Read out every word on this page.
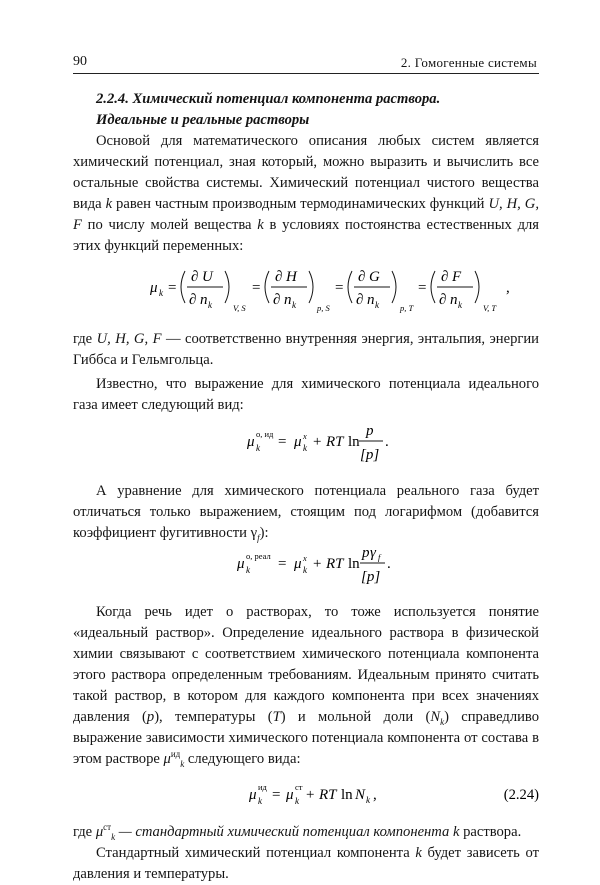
90	2. Гомогенные системы

2.2.4. Химический потенциал компонента раствора.

Идеальные и реальные растворы

Основой для математического описания любых систем является химический потенциал, зная который, можно выразить и вычислить все остальные свойства системы. Химический потенциал чистого вещества вида k равен частным производным термодинамических функций U, H, G, F по числу молей вещества k в условиях постоянства естественных для этих функций переменных:

μ k =
∂ U
∂ n k V, S
=
∂ H
∂ n k p, S
=
∂ G
∂ n k p, T
=
∂ F
∂ n k V, T
,

где U, H, G, F — соответственно внутренняя энергия, энтальпия, энергии Гиббса и Гельмгольца.

Известно, что выражение для химического потенциала идеального газа имеет следующий вид:

μ о, ид
k = μ x
k + RT ln
p
[p]
.

А уравнение для химического потенциала реального газа будет отличаться только выражением, стоящим под логарифмом (добавится коэффициент фугитивности $\gamma_f$):

μ о, реал
k = μ x
k + RT ln
p γ f
[p]
.

Когда речь идет о растворах, то тоже используется понятие «идеальный раствор». Определение идеального раствора в физической химии связывают с соответствием химического потенциала компонента этого раствора определенным требованиям. Идеальным принято считать такой раствор, в котором для каждого компонента при всех значениях давления (p), температуры (T) и мольной доли $(N_k)$ справедливо выражение зависимости химического потенциала компонента от состава в этом растворе $\mu^{ид}_k$ следующего вида:

μ ид
k = μ ст
k + RT ln N k ,	(2.24)

где $\mu^{ст}_k$ — стандартный химический потенциал компонента k раствора.

Стандартный химический потенциал компонента k будет зависеть от давления и температуры.
